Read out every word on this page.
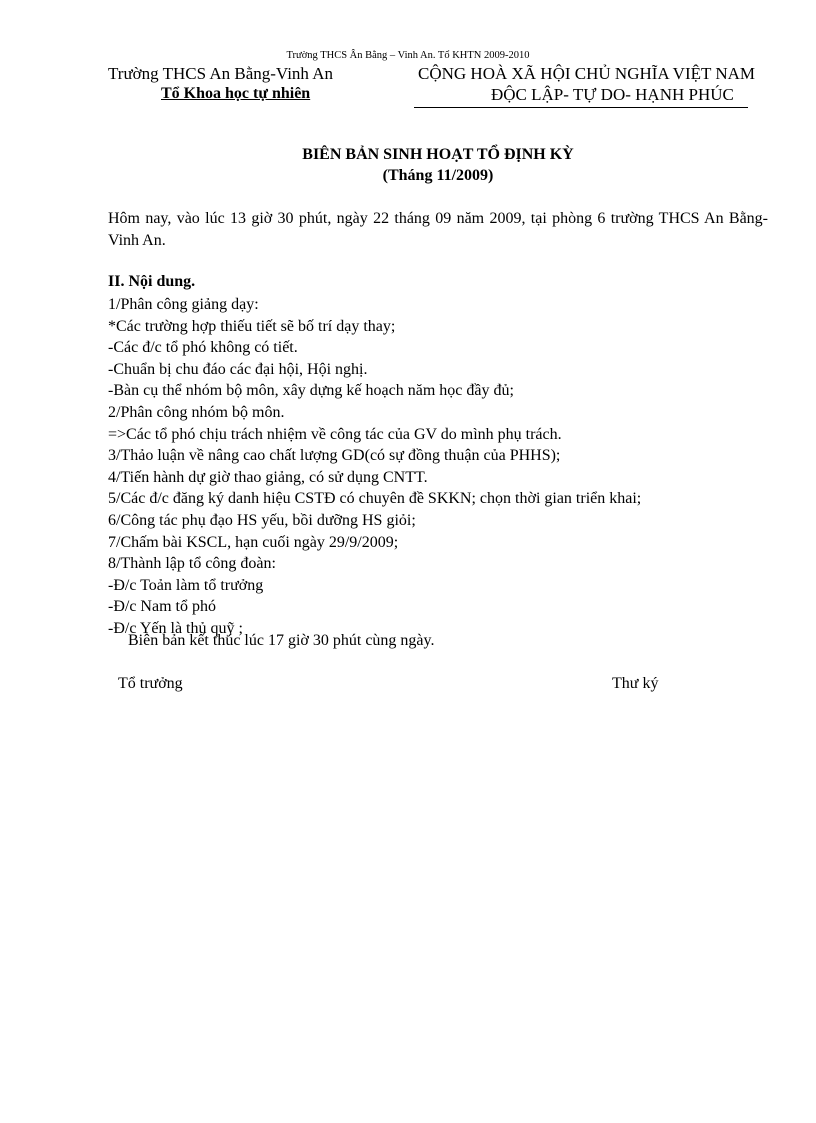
Trường THCS Ân Bằng – Vinh An. Tổ KHTN 2009-2010
Trường THCS An Bằng-Vinh An
Tổ Khoa học tự nhiên
CỘNG HOÀ XÃ HỘI CHỦ NGHĨA VIỆT NAM
ĐỘC LẬP- TỰ DO- HẠNH PHÚC
BIÊN BẢN SINH HOẠT TỔ ĐỊNH KỲ
(Tháng 11/2009)
Hôm nay, vào lúc 13 giờ 30 phút, ngày 22 tháng 09 năm 2009, tại phòng 6 trường THCS An Bằng-Vinh An.
II. Nội dung.
1/Phân công giảng dạy:
*Các trường hợp thiếu tiết sẽ bố trí dạy thay;
-Các đ/c tổ phó không có tiết.
-Chuẩn bị chu đáo các đại hội, Hội nghị.
-Bàn cụ thể nhóm bộ môn, xây dựng kế hoạch năm học đầy đủ;
2/Phân công nhóm bộ môn.
=>Các tổ phó chịu trách nhiệm về công tác của GV do mình phụ trách.
3/Thảo luận về nâng cao chất lượng GD(có sự đồng thuận của PHHS);
4/Tiến hành dự giờ thao giảng, có sử dụng CNTT.
5/Các đ/c đăng ký danh hiệu CSTĐ có chuyên đề SKKN; chọn thời gian triển khai;
6/Công tác phụ đạo HS yếu, bồi dưỡng HS giỏi;
7/Chấm bài KSCL, hạn cuối ngày 29/9/2009;
8/Thành lập tổ công đoàn:
-Đ/c Toản làm tổ trưởng
-Đ/c Nam tổ phó
-Đ/c Yến là thủ quỹ ;
Biên bản kết thúc lúc 17 giờ 30 phút cùng ngày.
Tổ trưởng	Thư ký
